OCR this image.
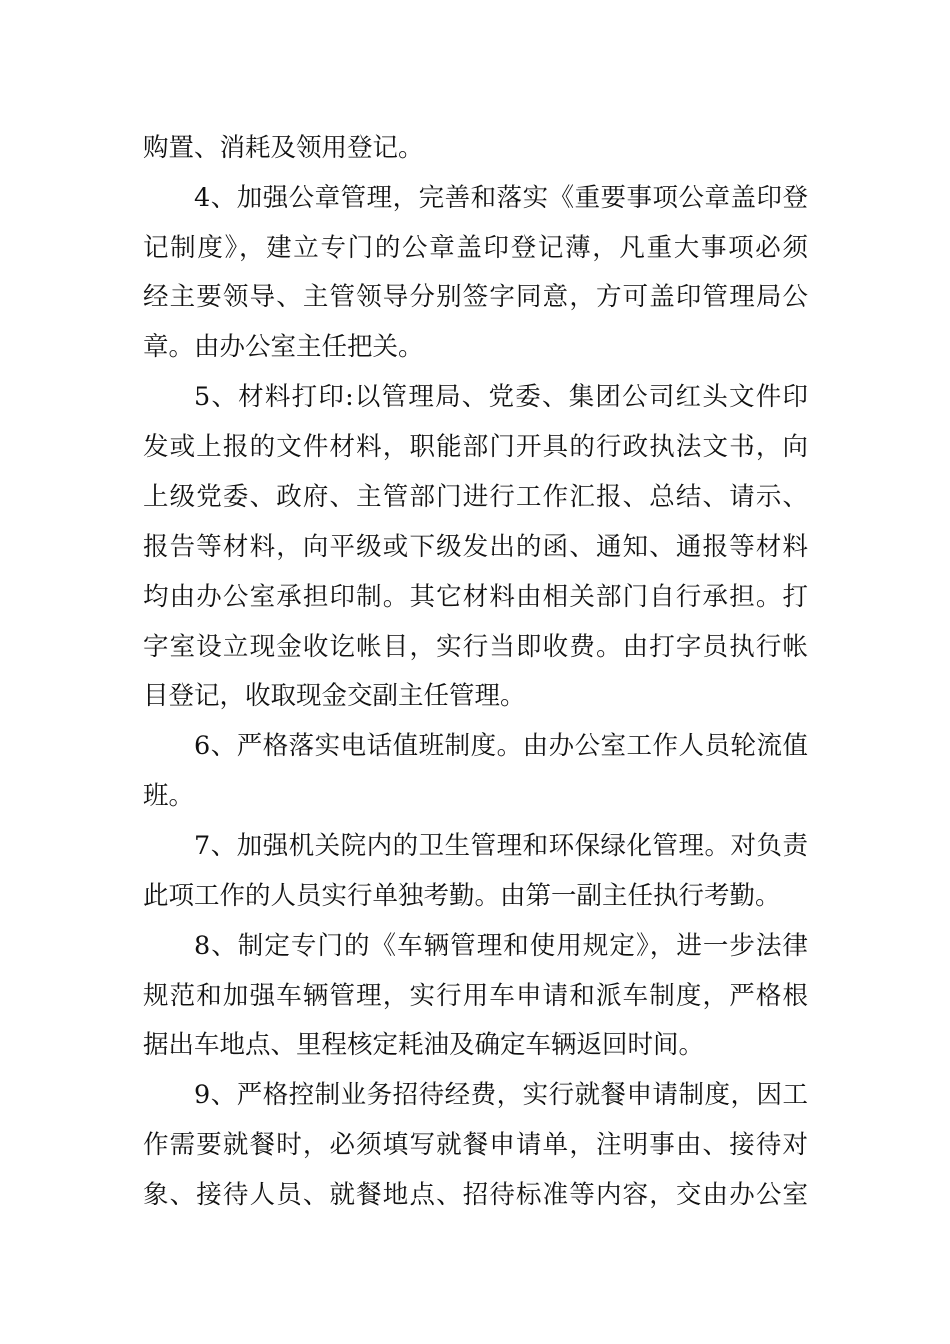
购置、消耗及领用登记。
4、加强公章管理，完善和落实《重要事项公章盖印登
记制度》，建立专门的公章盖印登记薄，凡重大事项必须
经主要领导、主管领导分别签字同意，方可盖印管理局公
章。由办公室主任把关。
5、材料打印:以管理局、党委、集团公司红头文件印
发或上报的文件材料，职能部门开具的行政执法文书，向
上级党委、政府、主管部门进行工作汇报、总结、请示、
报告等材料，向平级或下级发出的函、通知、通报等材料
均由办公室承担印制。其它材料由相关部门自行承担。打
字室设立现金收讫帐目，实行当即收费。由打字员执行帐
目登记，收取现金交副主任管理。
6、严格落实电话值班制度。由办公室工作人员轮流值
班。
7、加强机关院内的卫生管理和环保绿化管理。对负责
此项工作的人员实行单独考勤。由第一副主任执行考勤。
8、制定专门的《车辆管理和使用规定》，进一步法律
规范和加强车辆管理，实行用车申请和派车制度，严格根
据出车地点、里程核定耗油及确定车辆返回时间。
9、严格控制业务招待经费，实行就餐申请制度，因工
作需要就餐时，必须填写就餐申请单，注明事由、接待对
象、接待人员、就餐地点、招待标准等内容，交由办公室
